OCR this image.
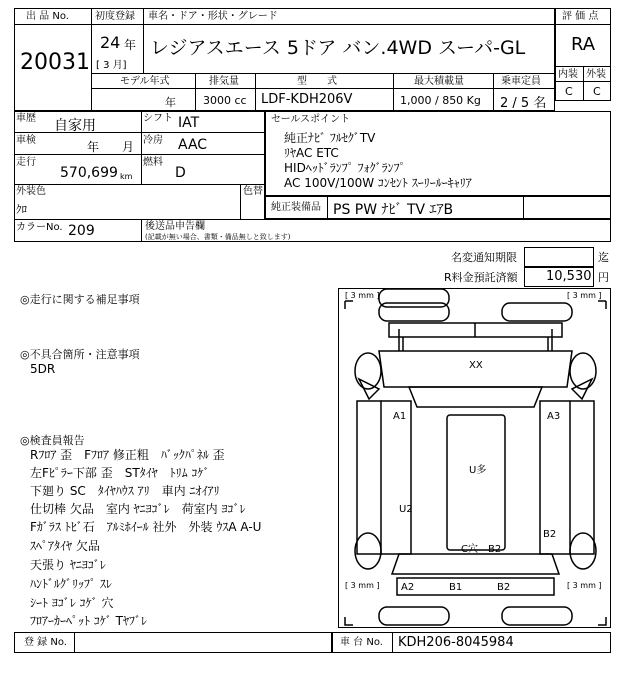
出 品 No.
20031
初度登録 車名・ドア・形状・グレード
24 年
[ 3 月]
レジアスエース 5ドア バン.4WD スーパ-GL
モデル年式	排気量	型　　式	最大積載量	乗車定員
年 3000 cc LDF-KDH206V	1,000 / 850 Kg 2 / 5 名
評 価 点
RA
内装 外装
C C
車歴 自家用	シフト IAT
車検	年 月 冷房 AAC
走行
570,699 km
燃料
D
外装色
ｸﾛ
色替
カラーNo. 209	後送品申告欄
(記載が無い場合、書類・備品無しと致します)
セールスポイント
純正ﾅﾋﾞ ﾌﾙｾｸﾞTV
ﾘﾔAC ETC
HIDﾍｯﾄﾞﾗﾝﾌﾟ ﾌｫｸﾞﾗﾝﾌﾟ
AC 100V/100W ｺﾝｾﾝﾄ ｽｰﾘｰﾙｰｷｬﾘｱ
純正装備品 PS PW ﾅﾋﾞ TV ｴｱB
名変通知期限	迄
R料金預託済額 10,530 円
◎走行に関する補足事項
◎不具合箇所・注意事項
5DR
◎検査員報告
Rﾌﾛｱ 歪　Fﾌﾛｱ 修正粗　ﾊﾞｯｸﾊﾟﾈﾙ 歪
左Fﾋﾟﾗｰ下部 歪　STﾀｲﾔ　ﾄﾘﾑ ｺｹﾞ
下廻り SC　ﾀｲﾔﾊｳｽ ｱﾘ　車内 ﾆｵｲｱﾘ
仕切棒 欠品　室内 ﾔﾆﾖｺﾞﾚ　荷室内 ﾖｺﾞﾚ
Fｶﾞﾗｽ ﾄﾋﾞ石　ｱﾙﾐﾎｲｰﾙ 社外　外装 ｳｽA A-U
ｽﾍﾟｱﾀｲﾔ 欠品
天張り ﾔﾆﾖｺﾞﾚ
ﾊﾝﾄﾞﾙｸﾞﾘｯﾌﾟ ｽﾚ
ｼｰﾄ ﾖｺﾞﾚ ｺｹﾞ 穴
ﾌﾛｱｰｶｰﾍﾟｯﾄ ｺｹﾞ Tﾔﾌﾞﾚ
[ 3 mm ]	[ 3 mm ]
[ 3 mm ]	[ 3 mm ]
XX
A1	A3
U多
U2
B2
C穴　B2
A2	B1	B2
登 録 No.	車 台 No. KDH206-8045984
